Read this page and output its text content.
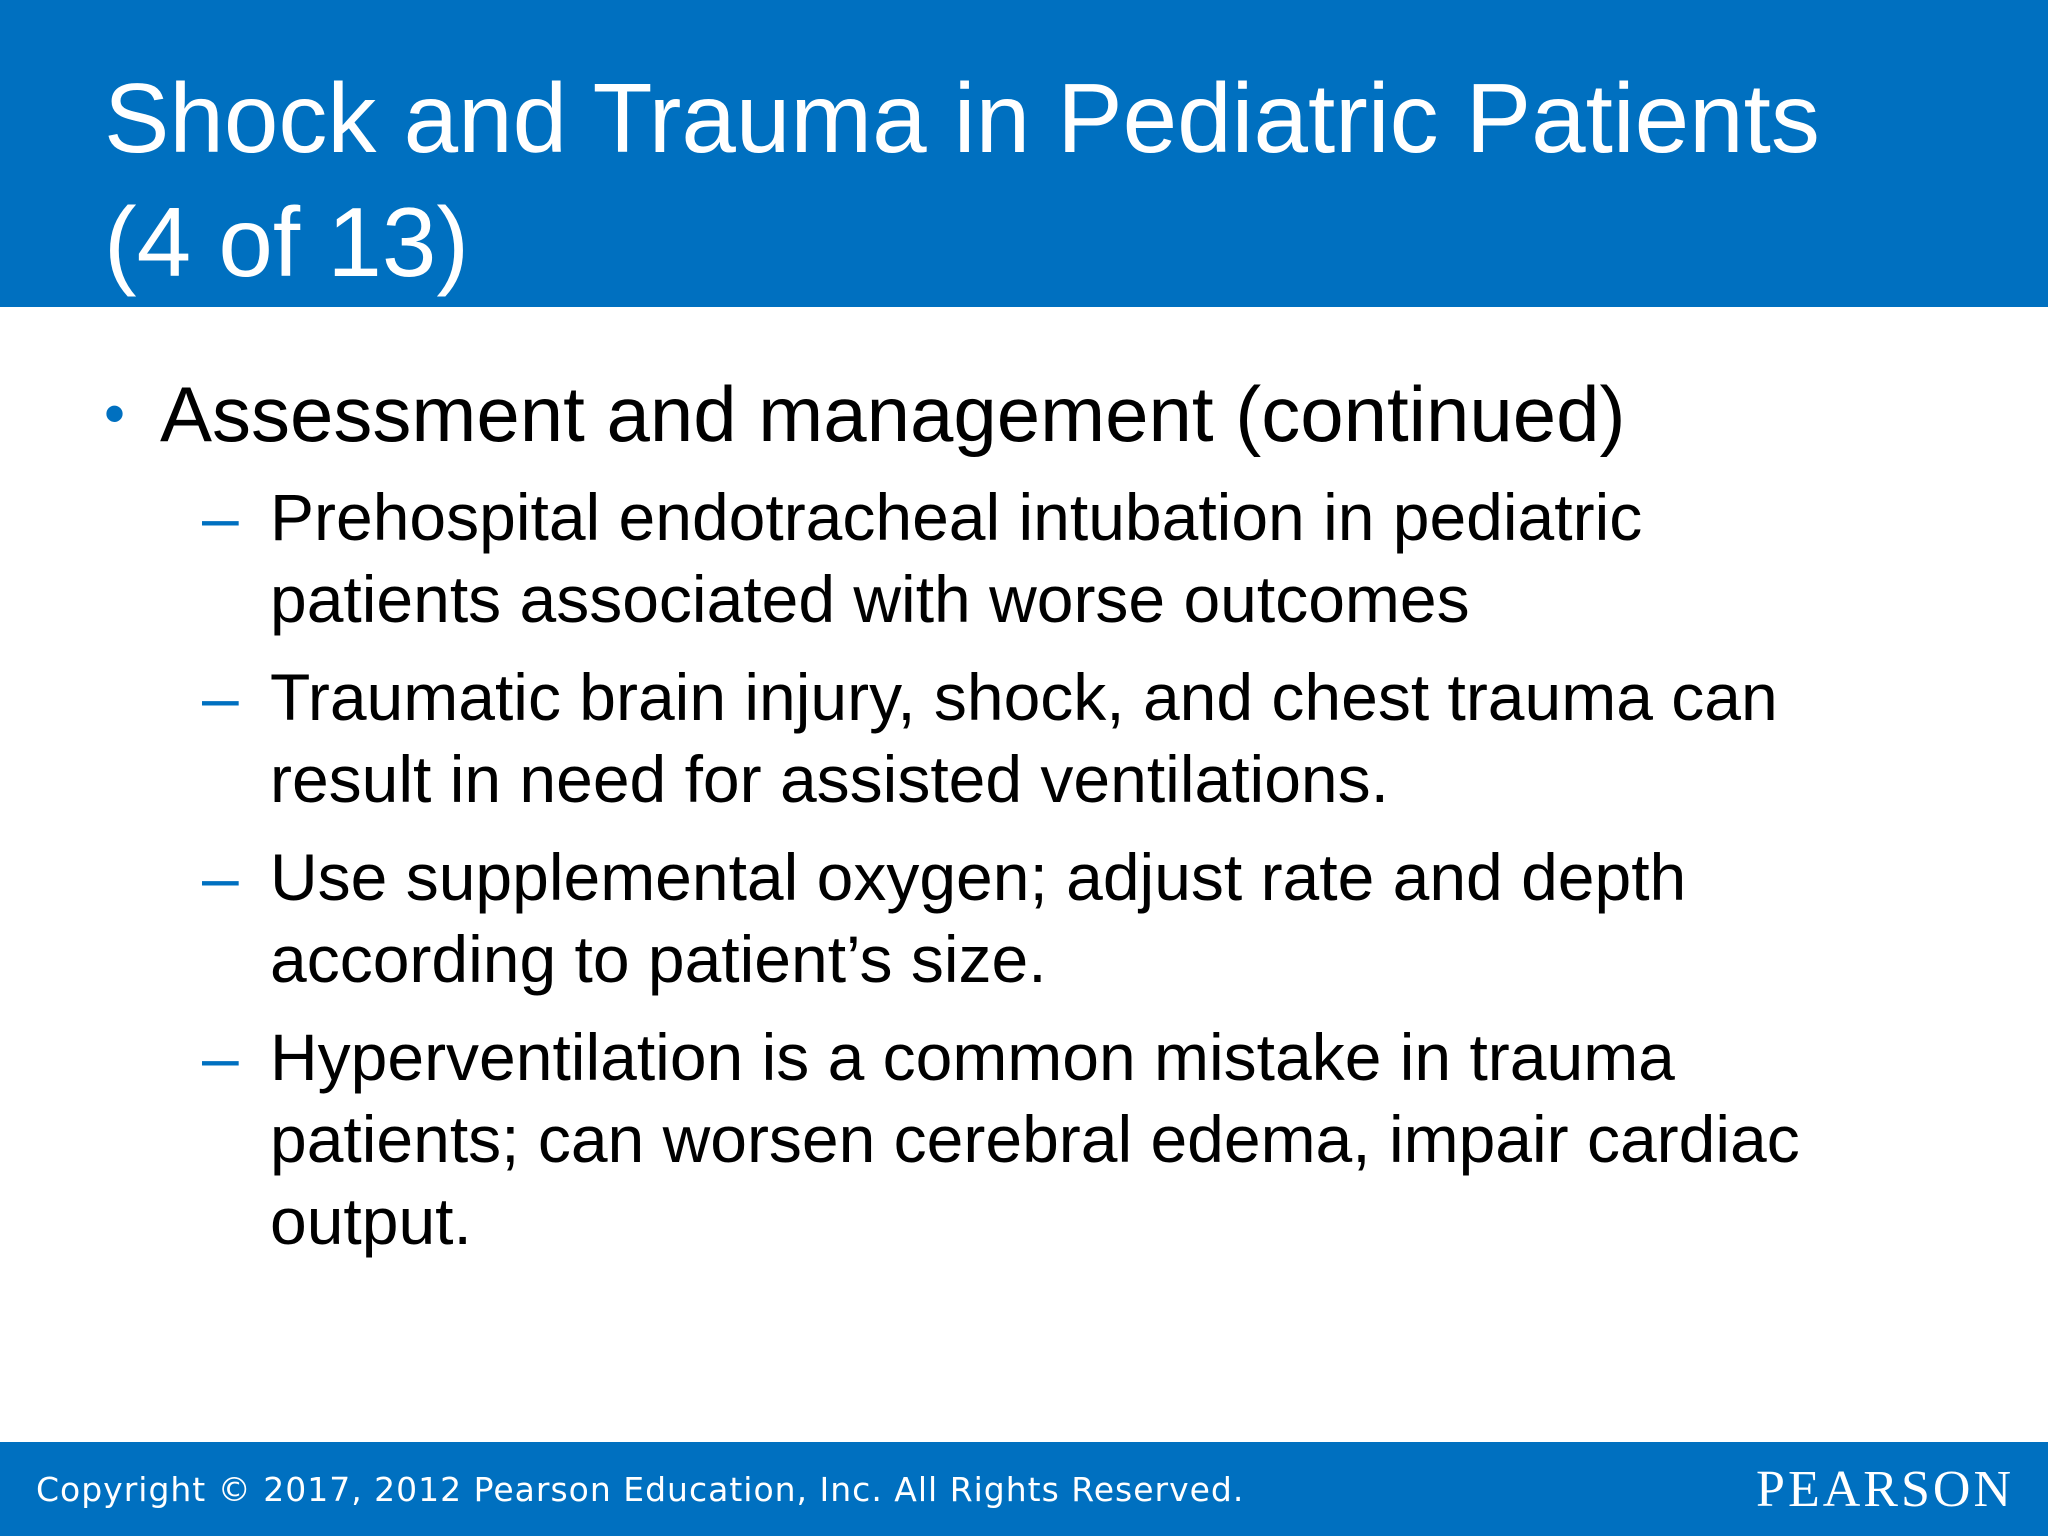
Shock and Trauma in Pediatric Patients
(4 of 13)
• Assessment and management (continued)
– Prehospital endotracheal intubation in pediatric
patients associated with worse outcomes
– Traumatic brain injury, shock, and chest trauma can
result in need for assisted ventilations.
– Use supplemental oxygen; adjust rate and depth
according to patient’s size.
– Hyperventilation is a common mistake in trauma
patients; can worsen cerebral edema, impair cardiac
output.
Copyright © 2017, 2012 Pearson Education, Inc. All Rights Reserved.	PEARSON
